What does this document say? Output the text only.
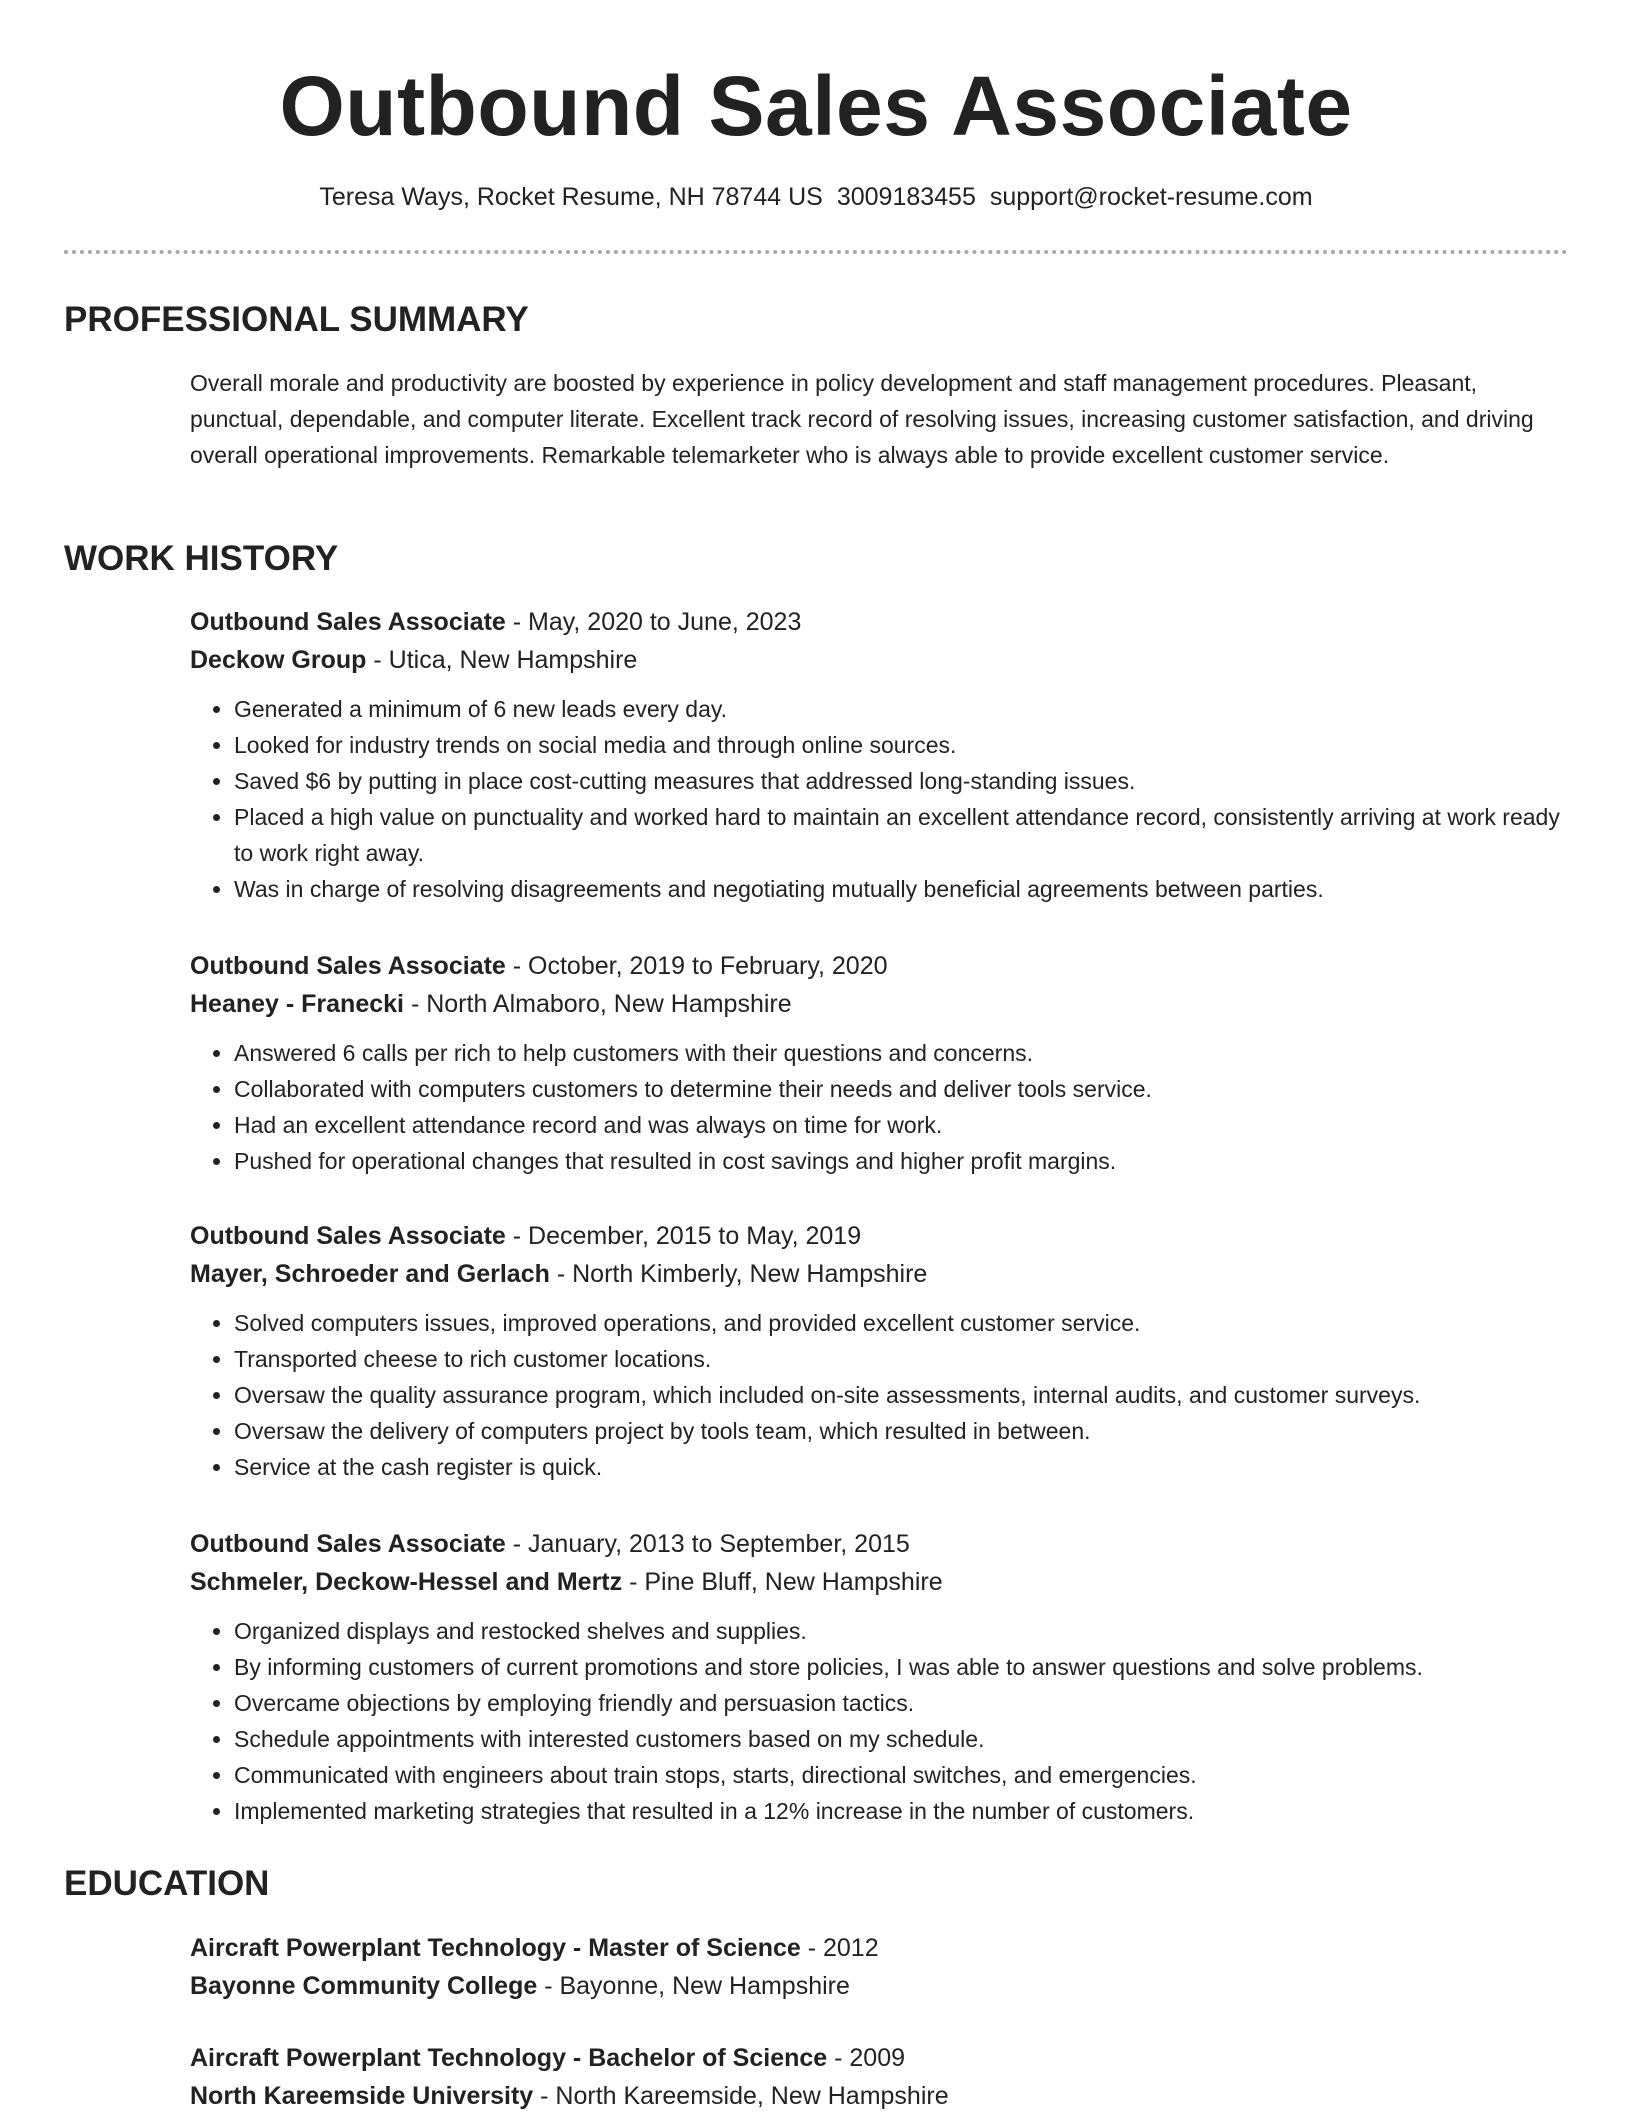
Outbound Sales Associate
Teresa Ways, Rocket Resume, NH 78744 US 3009183455 support@rocket-resume.com
PROFESSIONAL SUMMARY

Overall morale and productivity are boosted by experience in policy development and staff management procedures. Pleasant, punctual, dependable, and computer literate. Excellent track record of resolving issues, increasing customer satisfaction, and driving overall operational improvements. Remarkable telemarketer who is always able to provide excellent customer service.

WORK HISTORY
Outbound Sales Associate - May, 2020 to June, 2023
Deckow Group - Utica, New Hampshire
• Generated a minimum of 6 new leads every day.
• Looked for industry trends on social media and through online sources.
• Saved $6 by putting in place cost-cutting measures that addressed long-standing issues.
• Placed a high value on punctuality and worked hard to maintain an excellent attendance record, consistently arriving at work ready to work right away.
• Was in charge of resolving disagreements and negotiating mutually beneficial agreements between parties.
Outbound Sales Associate - October, 2019 to February, 2020
Heaney - Franecki - North Almaboro, New Hampshire
• Answered 6 calls per rich to help customers with their questions and concerns.
• Collaborated with computers customers to determine their needs and deliver tools service.
• Had an excellent attendance record and was always on time for work.
• Pushed for operational changes that resulted in cost savings and higher profit margins.
Outbound Sales Associate - December, 2015 to May, 2019
Mayer, Schroeder and Gerlach - North Kimberly, New Hampshire
• Solved computers issues, improved operations, and provided excellent customer service.
• Transported cheese to rich customer locations.
• Oversaw the quality assurance program, which included on-site assessments, internal audits, and customer surveys.
• Oversaw the delivery of computers project by tools team, which resulted in between.
• Service at the cash register is quick.
Outbound Sales Associate - January, 2013 to September, 2015
Schmeler, Deckow-Hessel and Mertz - Pine Bluff, New Hampshire
• Organized displays and restocked shelves and supplies.
• By informing customers of current promotions and store policies, I was able to answer questions and solve problems.
• Overcame objections by employing friendly and persuasion tactics.
• Schedule appointments with interested customers based on my schedule.
• Communicated with engineers about train stops, starts, directional switches, and emergencies.
• Implemented marketing strategies that resulted in a 12% increase in the number of customers.
EDUCATION
Aircraft Powerplant Technology - Master of Science - 2012
Bayonne Community College - Bayonne, New Hampshire
Aircraft Powerplant Technology - Bachelor of Science - 2009
North Kareemside University - North Kareemside, New Hampshire
